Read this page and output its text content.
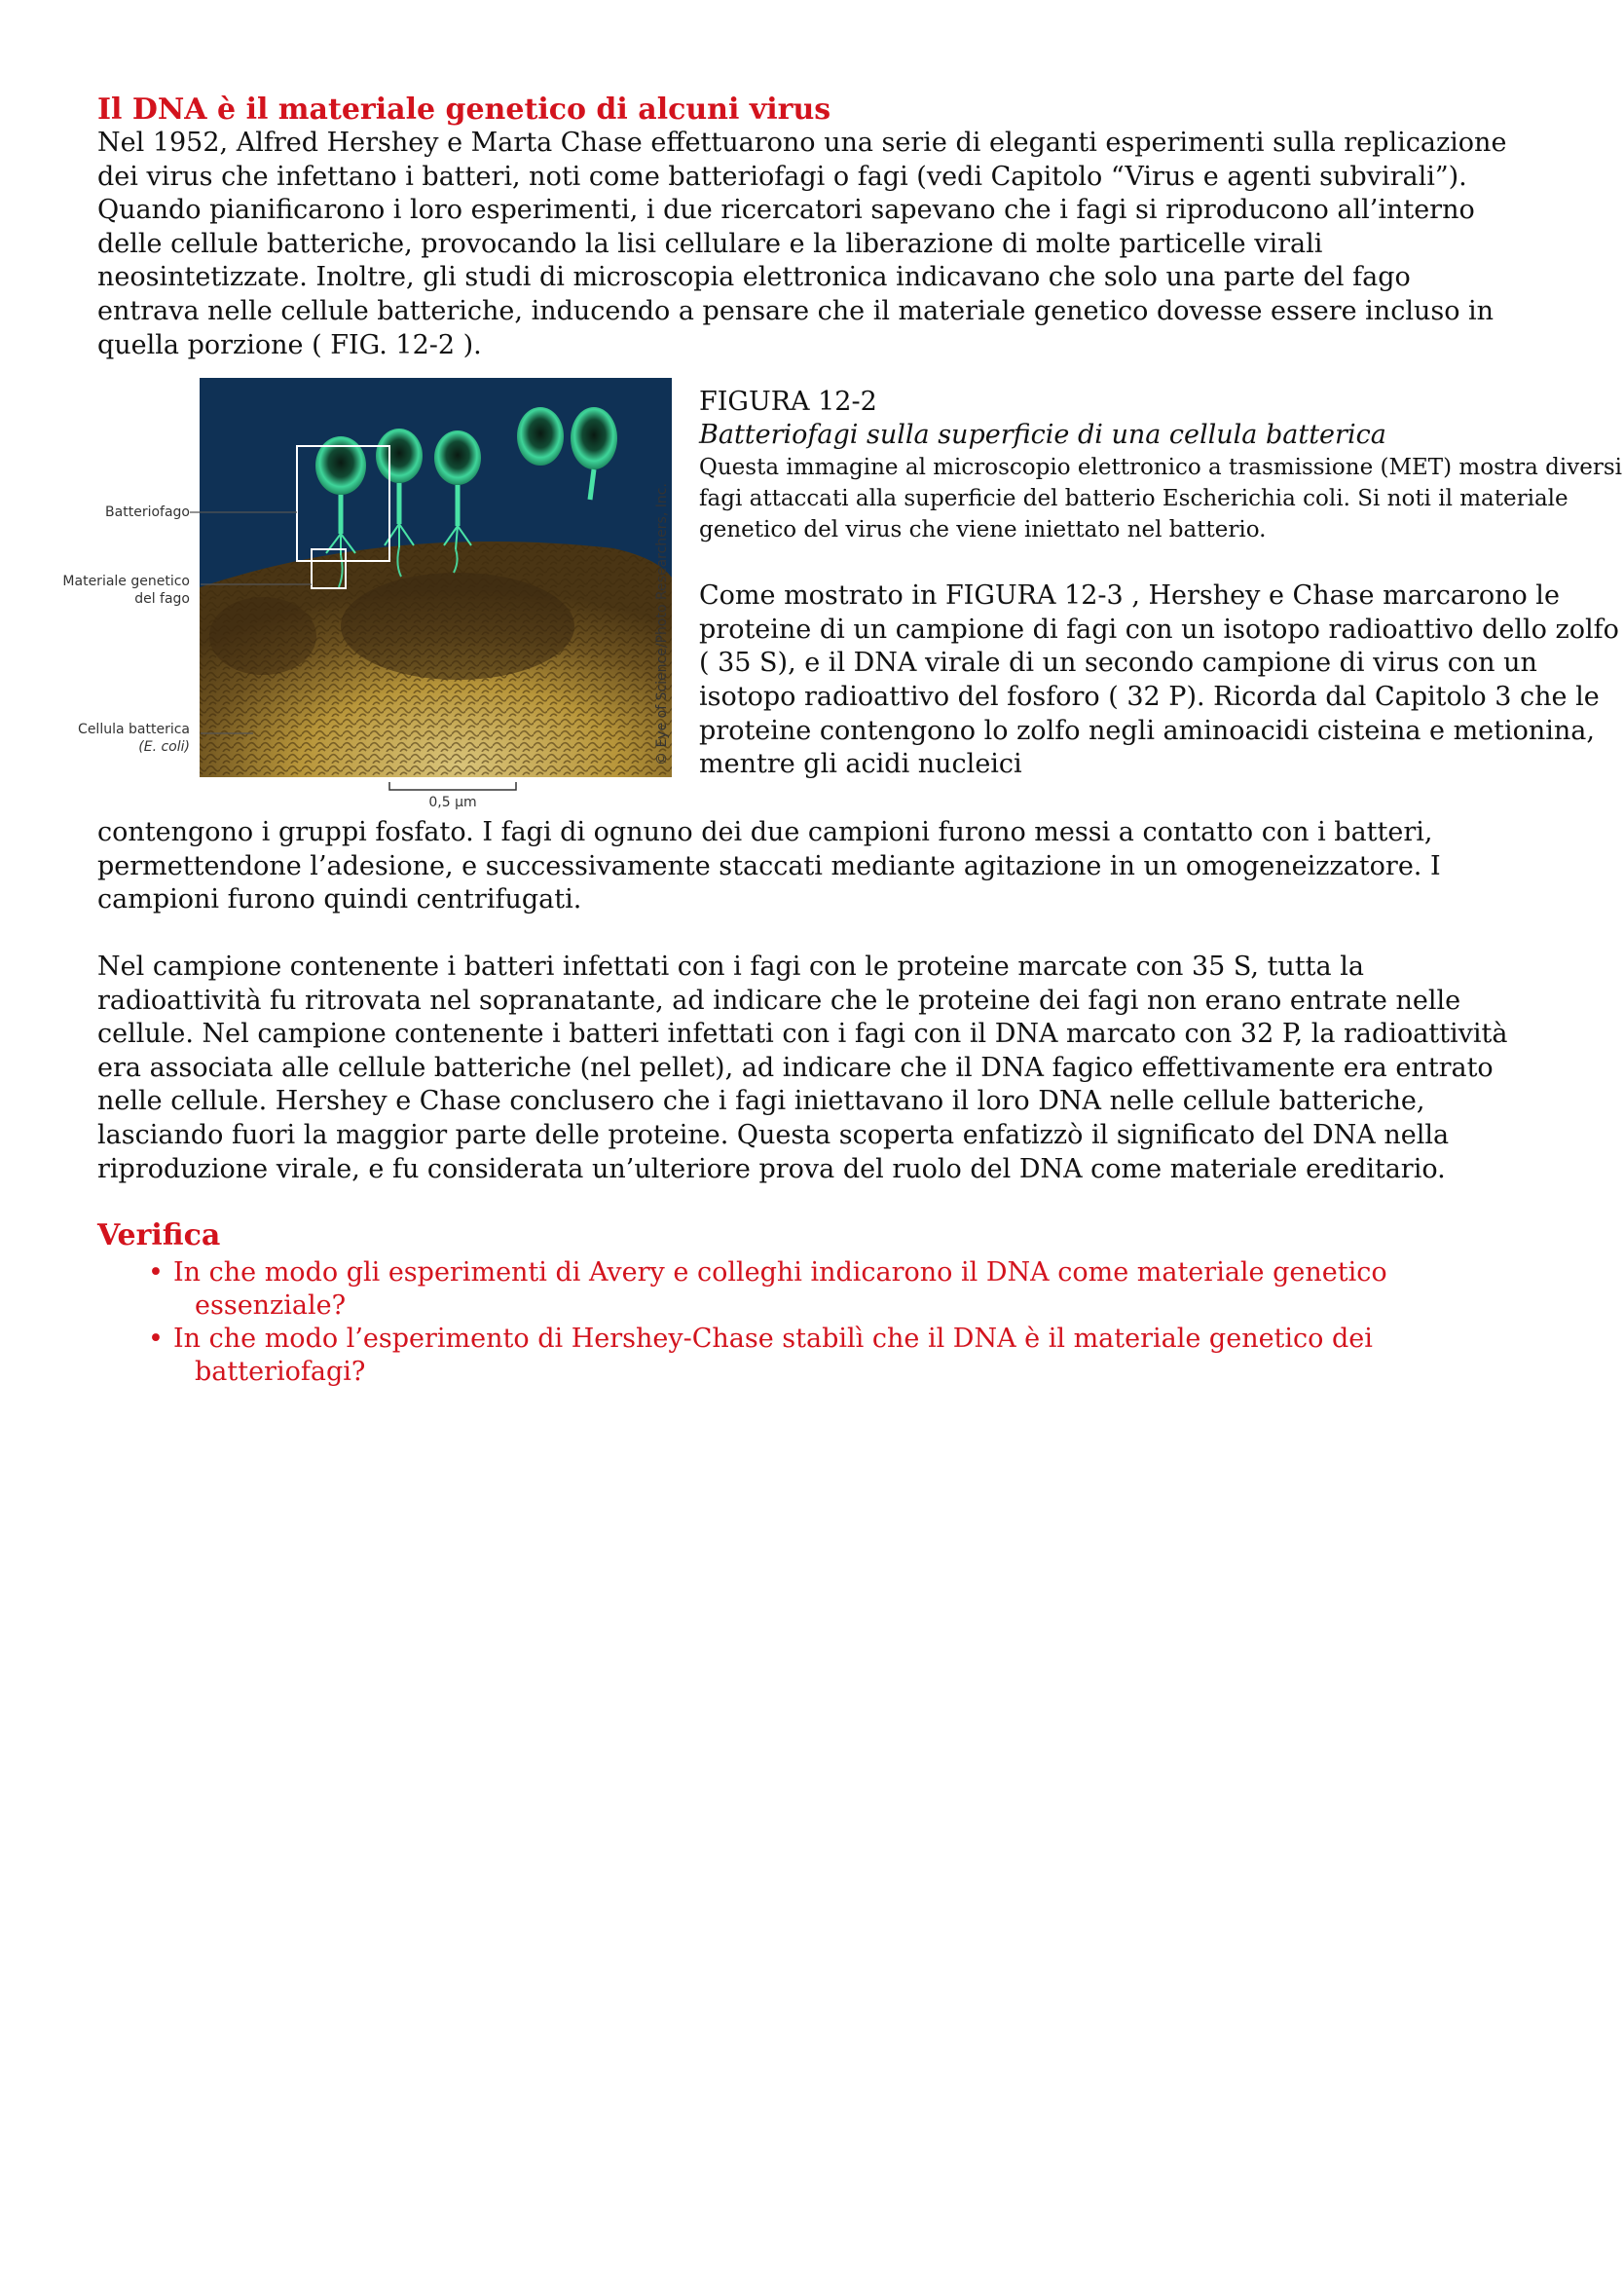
Il DNA è il materiale genetico di alcuni virus

Nel 1952, Alfred Hershey e Marta Chase effettuarono una serie di eleganti esperimenti sulla replicazione dei virus che infettano i batteri, noti come batteriofagi o fagi (vedi Capitolo “Virus e agenti subvirali”). Quando pianificarono i loro esperimenti, i due ricercatori sapevano che i fagi si riproducono all’interno delle cellule batteriche, provocando la lisi cellulare e la liberazione di molte particelle virali neosintetizzate. Inoltre, gli studi di microscopia elettronica indicavano che solo una parte del fago entrava nelle cellule batteriche, inducendo a pensare che il materiale genetico dovesse essere incluso in quella porzione ( FIG. 12-2 ).

Batteriofago
Materiale genetico
del fago
Cellula batterica
(E. coli)
0,5 µm
© Eye of Science/Photo Researchers, Inc.

FIGURA 12-2

Batteriofagi sulla superficie di una cellula batterica

Questa immagine al microscopio elettronico a trasmissione (MET) mostra diversi fagi attaccati alla superficie del batterio Escherichia coli. Si noti il materiale genetico del virus che viene iniettato nel batterio.

Come mostrato in FIGURA 12-3 , Hershey e Chase marcarono le proteine di un campione di fagi con un isotopo radioattivo dello zolfo ( 35 S), e il DNA virale di un secondo campione di virus con un isotopo radioattivo del fosforo ( 32 P). Ricorda dal Capitolo 3 che le proteine contengono lo zolfo negli aminoacidi cisteina e metionina, mentre gli acidi nucleici

contengono i gruppi fosfato. I fagi di ognuno dei due campioni furono messi a contatto con i batteri, permettendone l’adesione, e successivamente staccati mediante agitazione in un omogeneizzatore. I campioni furono quindi centrifugati.

Nel campione contenente i batteri infettati con i fagi con le proteine marcate con 35 S, tutta la radioattività fu ritrovata nel sopranatante, ad indicare che le proteine dei fagi non erano entrate nelle cellule. Nel campione contenente i batteri infettati con i fagi con il DNA marcato con 32 P, la radioattività era associata alle cellule batteriche (nel pellet), ad indicare che il DNA fagico effettivamente era entrato nelle cellule. Hershey e Chase conclusero che i fagi iniettavano il loro DNA nelle cellule batteriche, lasciando fuori la maggior parte delle proteine. Questa scoperta enfatizzò il significato del DNA nella riproduzione virale, e fu considerata un’ulteriore prova del ruolo del DNA come materiale ereditario.

Verifica
• In che modo gli esperimenti di Avery e colleghi indicarono il DNA come materiale genetico
essenziale?
• In che modo l’esperimento di Hershey-Chase stabilì che il DNA è il materiale genetico dei
batteriofagi?
